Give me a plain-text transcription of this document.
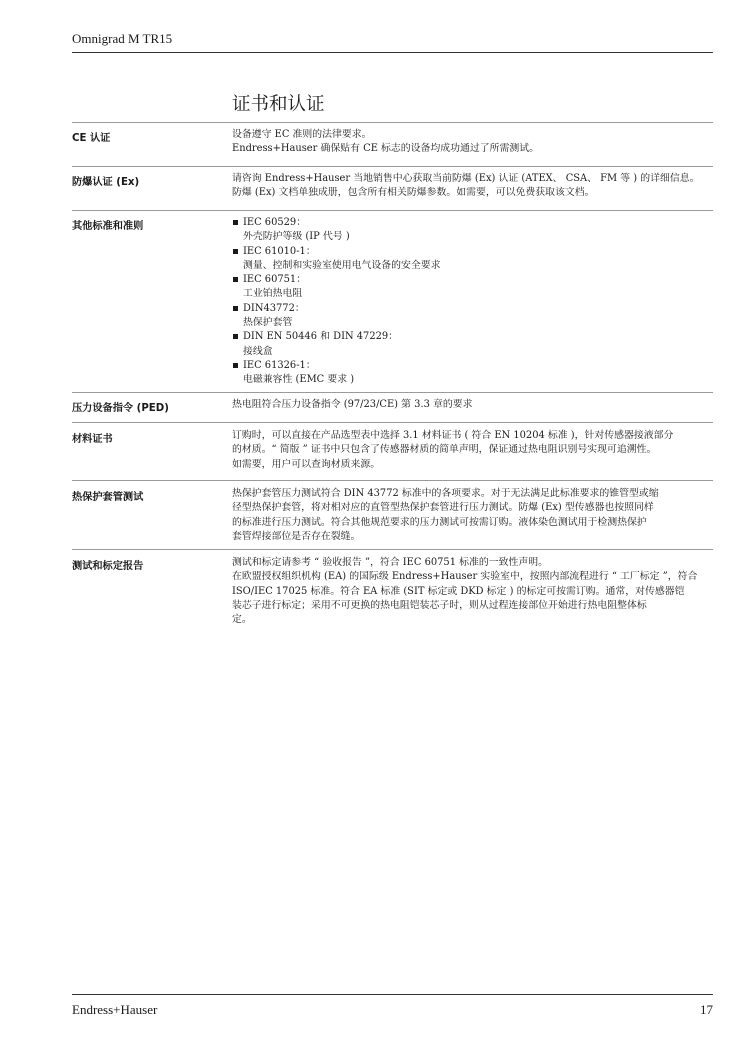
Omnigrad M TR15
证书和认证
CE 认证	设备遵守 EC 准则的法律要求。

Endress+Hauser 确保贴有 CE 标志的设备均成功通过了所需测试。

防爆认证 (Ex)	请咨询 Endress+Hauser 当地销售中心获取当前防爆 (Ex) 认证 (ATEX、 CSA、 FM 等 ) 的详细信息。

防爆 (Ex) 文档单独成册，包含所有相关防爆参数。如需要，可以免费获取该文档。

其他标准和准则	IEC 60529：
外壳防护等级 (IP 代号 )
IEC 61010-1：
测量、控制和实验室使用电气设备的安全要求
IEC 60751：
工业铂热电阻
DIN43772：
热保护套管
DIN EN 50446 和 DIN 47229：
接线盒
IEC 61326-1：
电磁兼容性 (EMC 要求 )
压力设备指令 (PED)	热电阻符合压力设备指令 (97/23/CE) 第 3.3 章的要求

材料证书	订购时，可以直接在产品选型表中选择 3.1 材料证书 ( 符合 EN 10204 标准 )，针对传感器接液部分

的材质。“ 简版 ” 证书中只包含了传感器材质的简单声明，保证通过热电阻识别号实现可追溯性。

如需要，用户可以查询材质来源。

热保护套管测试	热保护套管压力测试符合 DIN 43772 标准中的各项要求。对于无法满足此标准要求的锥管型或缩

径型热保护套管，将对相对应的直管型热保护套管进行压力测试。防爆 (Ex) 型传感器也按照同样

的标准进行压力测试。符合其他规范要求的压力测试可按需订购。液体染色测试用于检测热保护

套管焊接部位是否存在裂缝。

测试和标定报告	测试和标定请参考 “ 验收报告 ”，符合 IEC 60751 标准的一致性声明。

在欧盟授权组织机构 (EA) 的国际级 Endress+Hauser 实验室中，按照内部流程进行 “ 工厂标定 ”，符合

ISO/IEC 17025 标准。符合 EA 标准 (SIT 标定或 DKD 标定 ) 的标定可按需订购。通常，对传感器铠

装芯子进行标定；采用不可更换的热电阻铠装芯子时，则从过程连接部位开始进行热电阻整体标

定。

Endress+Hauser	17
